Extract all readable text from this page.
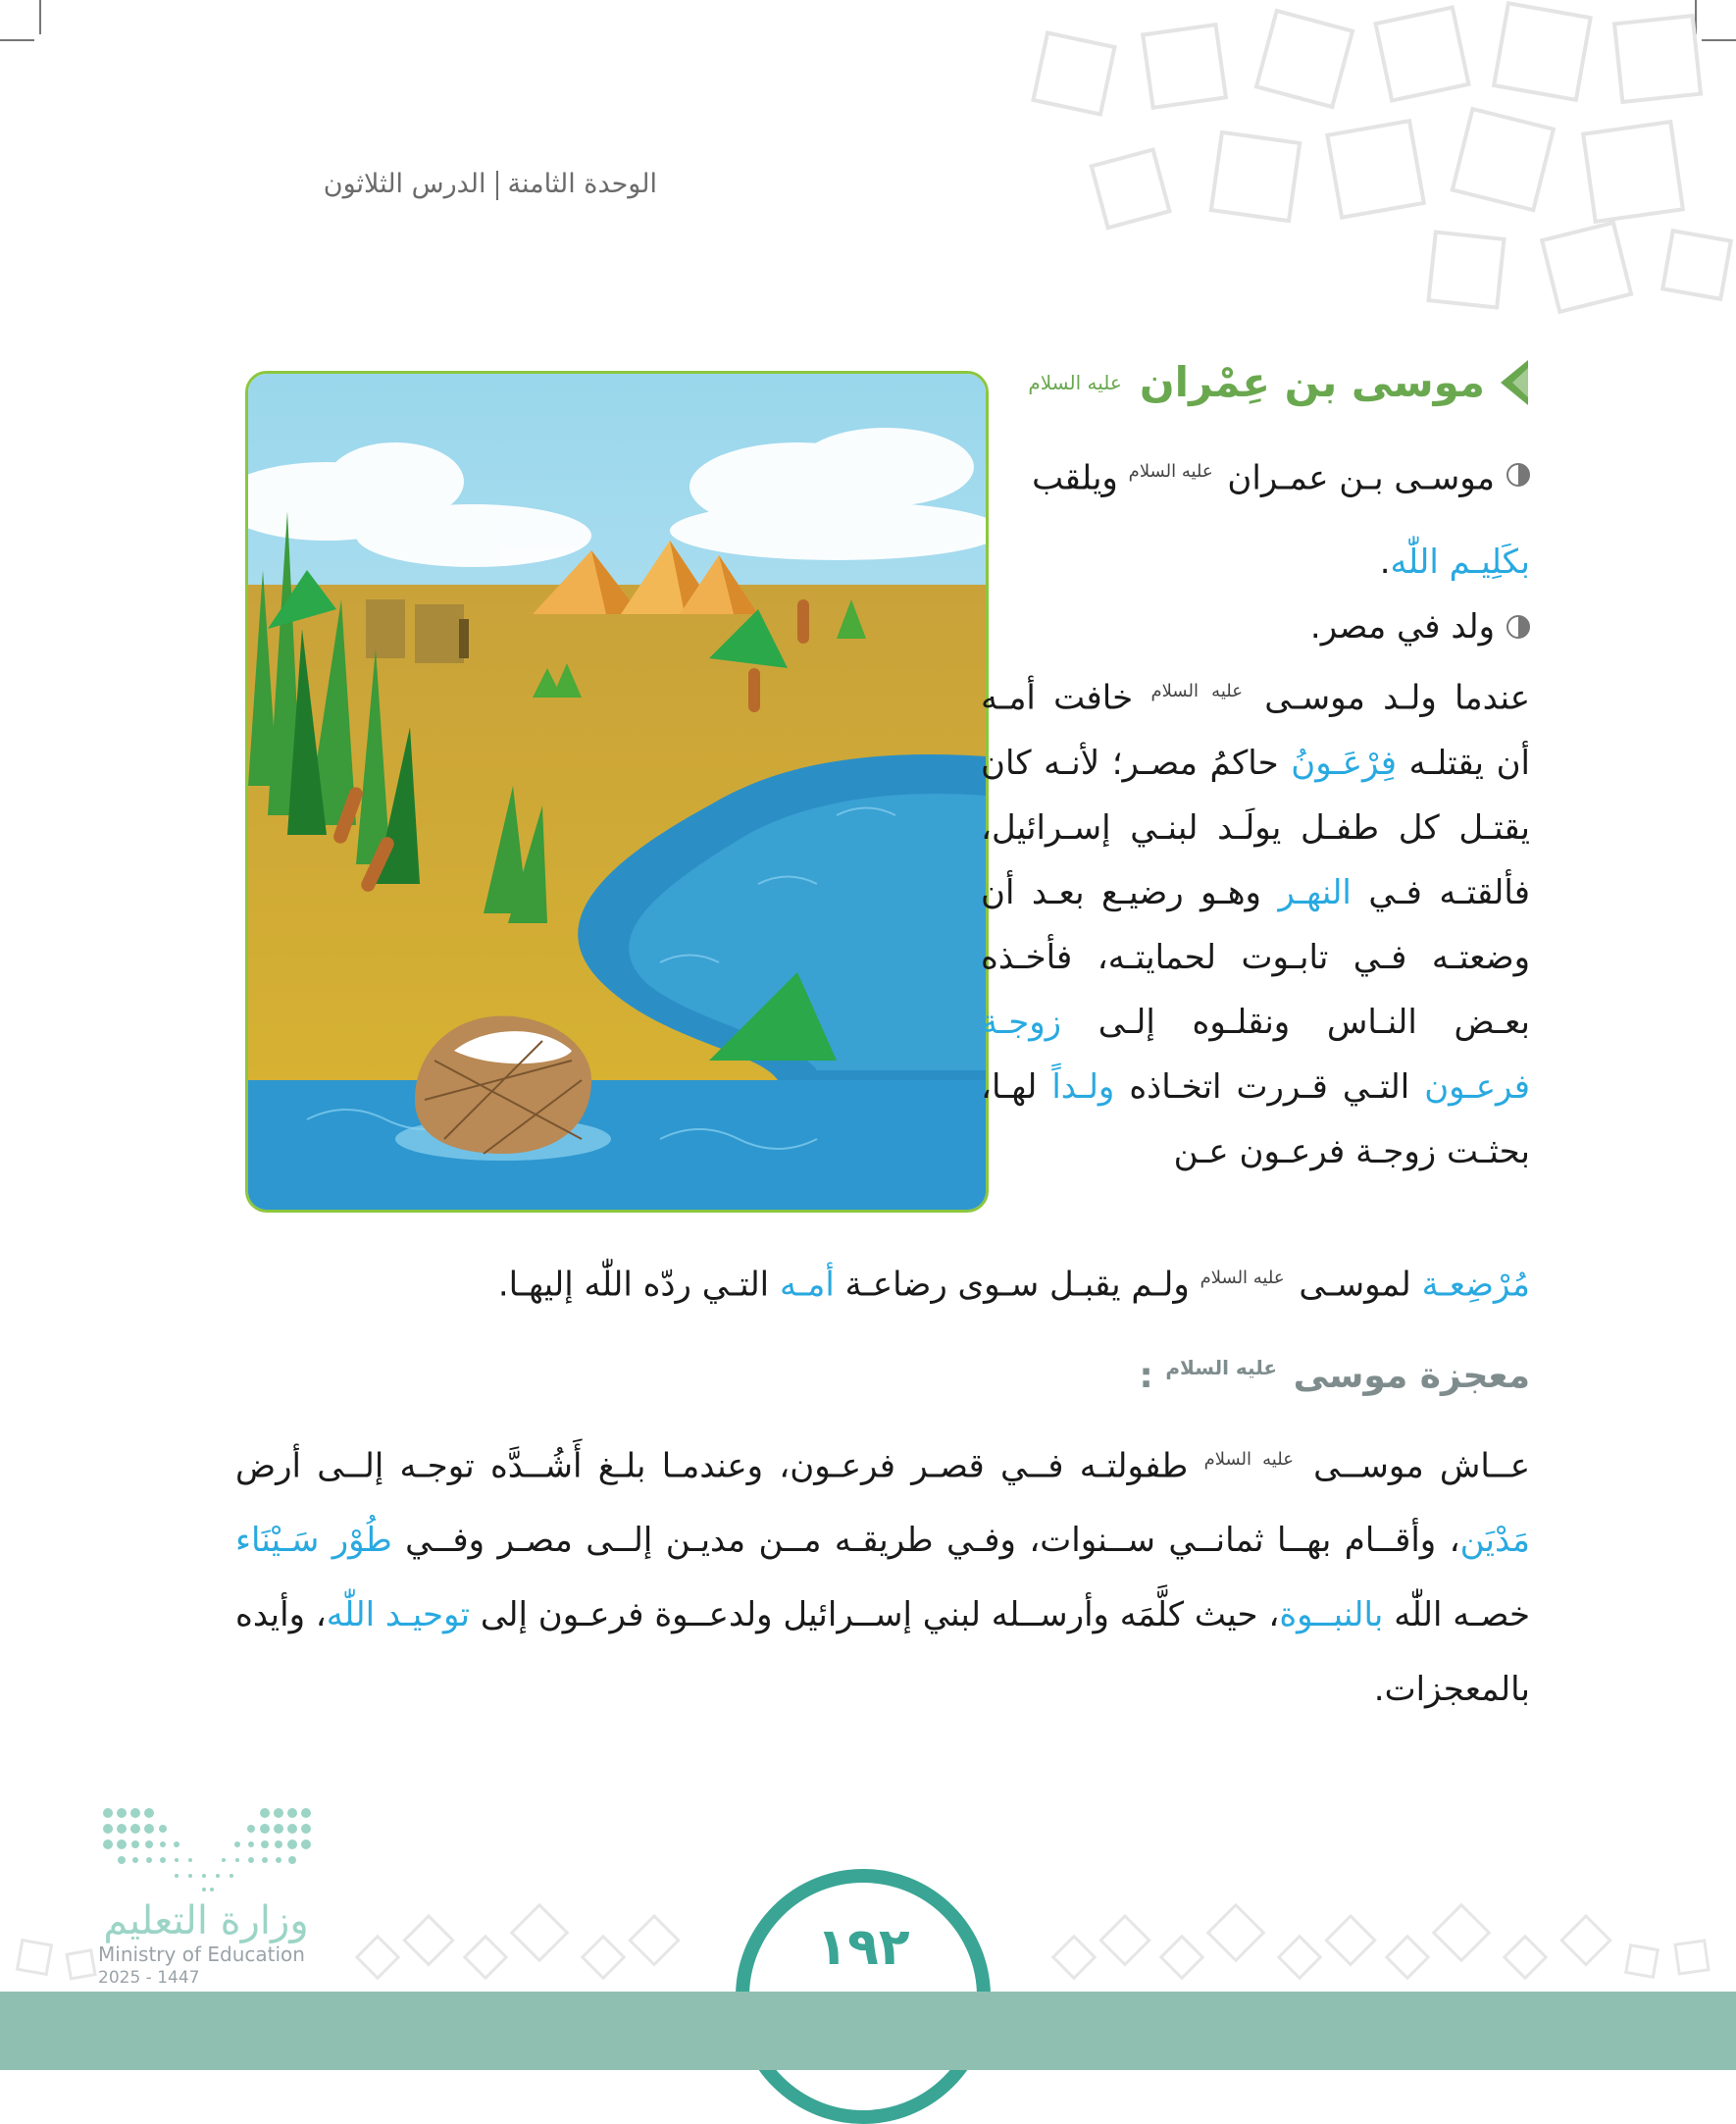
الوحدة الثامنةالدرس الثلاثون
موسى بن عِمْران
عليه السلام
موسـى بـن عمـران $^{عليه السلام}$ ويلقب
بكَلِيـم اللّٰه.
ولد في مصر.
عندما ولـد موسـى $^{عليه السلام}$ خافت أمـه أن يقتلـه فِرْعَـونُ حاكمُ مصـر؛ لأنـه كان يقتـل كل طفـل يولَـد لبنـي إسـرائيل، فألقتـه فـي النهـر وهـو رضيـع بعـد أن وضعتـه فـي تابـوت لحمايتـه، فأخـذه بعـض النـاس ونقلـوه إلـى زوجـة فرعـون التـي قـررت اتخـاذه ولـداً لهـا، بحثـت زوجـة فرعـون عـن
مُرْضِعـة لموسـى $^{عليه السلام}$ ولـم يقبـل سـوى رضاعـة أمـه التـي ردّه اللّٰه إليهـا.
معجزة موسى $^{عليه السلام}$ :
عــاش موســى $^{عليه السلام}$ طفولتـه فــي قصـر فرعـون، وعندمـا بلـغ أَشُــدَّه توجـه إلــى أرض مَدْيَن، وأقــام بهــا ثمانــي ســنوات، وفـي طريقـه مــن مديـن إلــى مصـر وفــي طُوْر سَـيْنَاء خصـه اللّٰه بالنبــوة، حيث كلَّمَه وأرســله لبني إســرائيل ولدعــوة فرعـون إلى توحيـد اللّٰه، وأيده بالمعجزات.
١٩٢
وزارة التعليم
Ministry of Education
2025 - 1447
